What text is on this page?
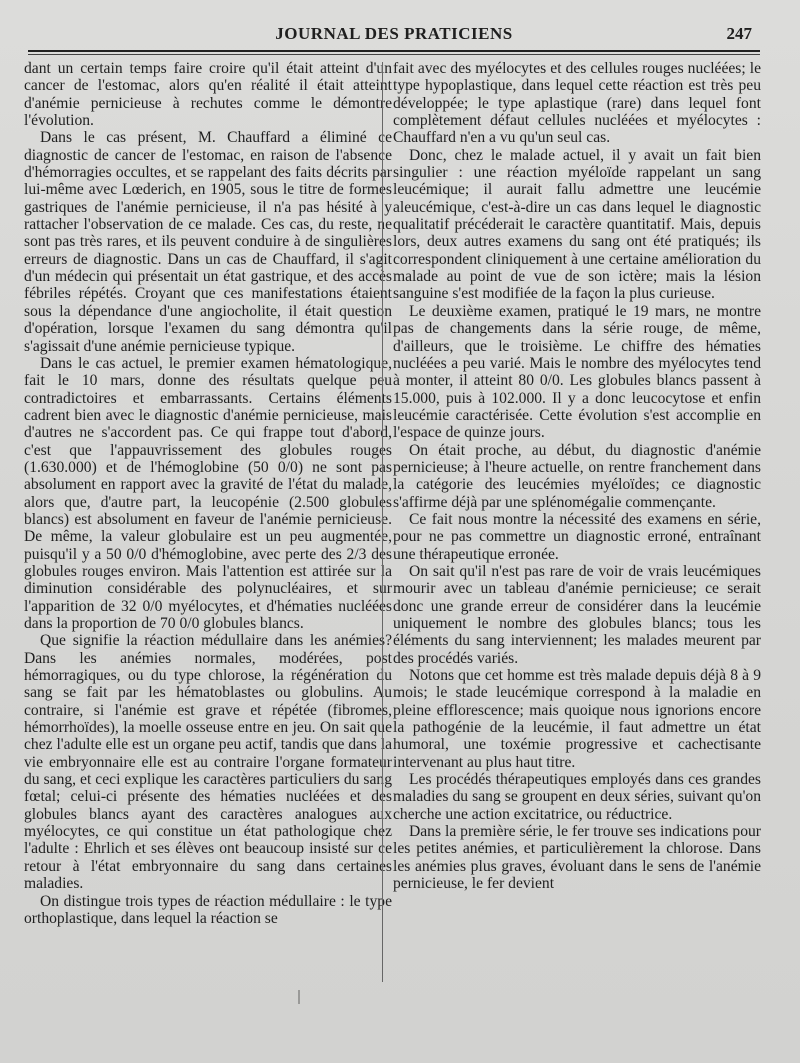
JOURNAL DES PRATICIENS	247

dant un certain temps faire croire qu'il était atteint d'un cancer de l'estomac, alors qu'en réalité il était atteint d'anémie pernicieuse à rechutes comme le démontre l'évolution.

Dans le cas présent, M. Chauffard a éliminé ce diagnostic de cancer de l'estomac, en raison de l'absence d'hémorragies occultes, et se rappelant des faits décrits par lui-même avec Lœderich, en 1905, sous le titre de formes gastriques de l'anémie pernicieuse, il n'a pas hésité à y rattacher l'observation de ce malade. Ces cas, du reste, ne sont pas très rares, et ils peuvent conduire à de singulières erreurs de diagnostic. Dans un cas de Chauffard, il s'agit d'un médecin qui présentait un état gastrique, et des accès fébriles répétés. Croyant que ces manifestations étaient sous la dépendance d'une angiocholite, il était question d'opération, lorsque l'examen du sang démontra qu'il s'agissait d'une anémie pernicieuse typique.

Dans le cas actuel, le premier examen hématologique, fait le 10 mars, donne des résultats quelque peu contradictoires et embarrassants. Certains éléments cadrent bien avec le diagnostic d'anémie pernicieuse, mais d'autres ne s'accordent pas. Ce qui frappe tout d'abord, c'est que l'appauvrissement des globules rouges (1.630.000) et de l'hémoglobine (50 0/0) ne sont pas absolument en rapport avec la gravité de l'état du malade, alors que, d'autre part, la leucopénie (2.500 globules blancs) est absolument en faveur de l'anémie pernicieuse. De même, la valeur globulaire est un peu augmentée, puisqu'il y a 50 0/0 d'hémoglobine, avec perte des 2/3 des globules rouges environ. Mais l'attention est attirée sur la diminution considérable des polynucléaires, et sur l'apparition de 32 0/0 myélocytes, et d'hématies nucléées dans la proportion de 70 0/0 globules blancs.

Que signifie la réaction médullaire dans les anémies? Dans les anémies normales, modérées, post hémorragiques, ou du type chlorose, la régénération du sang se fait par les hématoblastes ou globulins. Au contraire, si l'anémie est grave et répétée (fibromes, hémorrhoïdes), la moelle osseuse entre en jeu. On sait que chez l'adulte elle est un organe peu actif, tandis que dans la vie embryonnaire elle est au contraire l'organe formateur du sang, et ceci explique les caractères particuliers du sang fœtal; celui-ci présente des hématies nucléées et des globules blancs ayant des caractères analogues aux myélocytes, ce qui constitue un état pathologique chez l'adulte : Ehrlich et ses élèves ont beaucoup insisté sur ce retour à l'état embryonnaire du sang dans certaines maladies.

On distingue trois types de réaction médullaire : le type orthoplastique, dans lequel la réaction se

fait avec des myélocytes et des cellules rouges nucléées; le type hypoplastique, dans lequel cette réaction est très peu développée; le type aplastique (rare) dans lequel font complètement défaut cellules nucléées et myélocytes : Chauffard n'en a vu qu'un seul cas.

Donc, chez le malade actuel, il y avait un fait bien singulier : une réaction myéloïde rappelant un sang leucémique; il aurait fallu admettre une leucémie aleucémique, c'est-à-dire un cas dans lequel le diagnostic qualitatif précéderait le caractère quantitatif. Mais, depuis lors, deux autres examens du sang ont été pratiqués; ils correspondent cliniquement à une certaine amélioration du malade au point de vue de son ictère; mais la lésion sanguine s'est modifiée de la façon la plus curieuse.

Le deuxième examen, pratiqué le 19 mars, ne montre pas de changements dans la série rouge, de même, d'ailleurs, que le troisième. Le chiffre des hématies nucléées a peu varié. Mais le nombre des myélocytes tend à monter, il atteint 80 0/0. Les globules blancs passent à 15.000, puis à 102.000. Il y a donc leucocytose et enfin leucémie caractérisée. Cette évolution s'est accomplie en l'espace de quinze jours.

On était proche, au début, du diagnostic d'anémie pernicieuse; à l'heure actuelle, on rentre franchement dans la catégorie des leucémies myéloïdes; ce diagnostic s'affirme déjà par une splénomégalie commençante.

Ce fait nous montre la nécessité des examens en série, pour ne pas commettre un diagnostic erroné, entraînant une thérapeutique erronée.

On sait qu'il n'est pas rare de voir de vrais leucémiques mourir avec un tableau d'anémie pernicieuse; ce serait donc une grande erreur de considérer dans la leucémie uniquement le nombre des globules blancs; tous les éléments du sang interviennent; les malades meurent par des procédés variés.

Notons que cet homme est très malade depuis déjà 8 à 9 mois; le stade leucémique correspond à la maladie en pleine efflorescence; mais quoique nous ignorions encore la pathogénie de la leucémie, il faut admettre un état humoral, une toxémie progressive et cachectisante intervenant au plus haut titre.

Les procédés thérapeutiques employés dans ces grandes maladies du sang se groupent en deux séries, suivant qu'on cherche une action excitatrice, ou réductrice.

Dans la première série, le fer trouve ses indications pour les petites anémies, et particulièrement la chlorose. Dans les anémies plus graves, évoluant dans le sens de l'anémie pernicieuse, le fer devient
